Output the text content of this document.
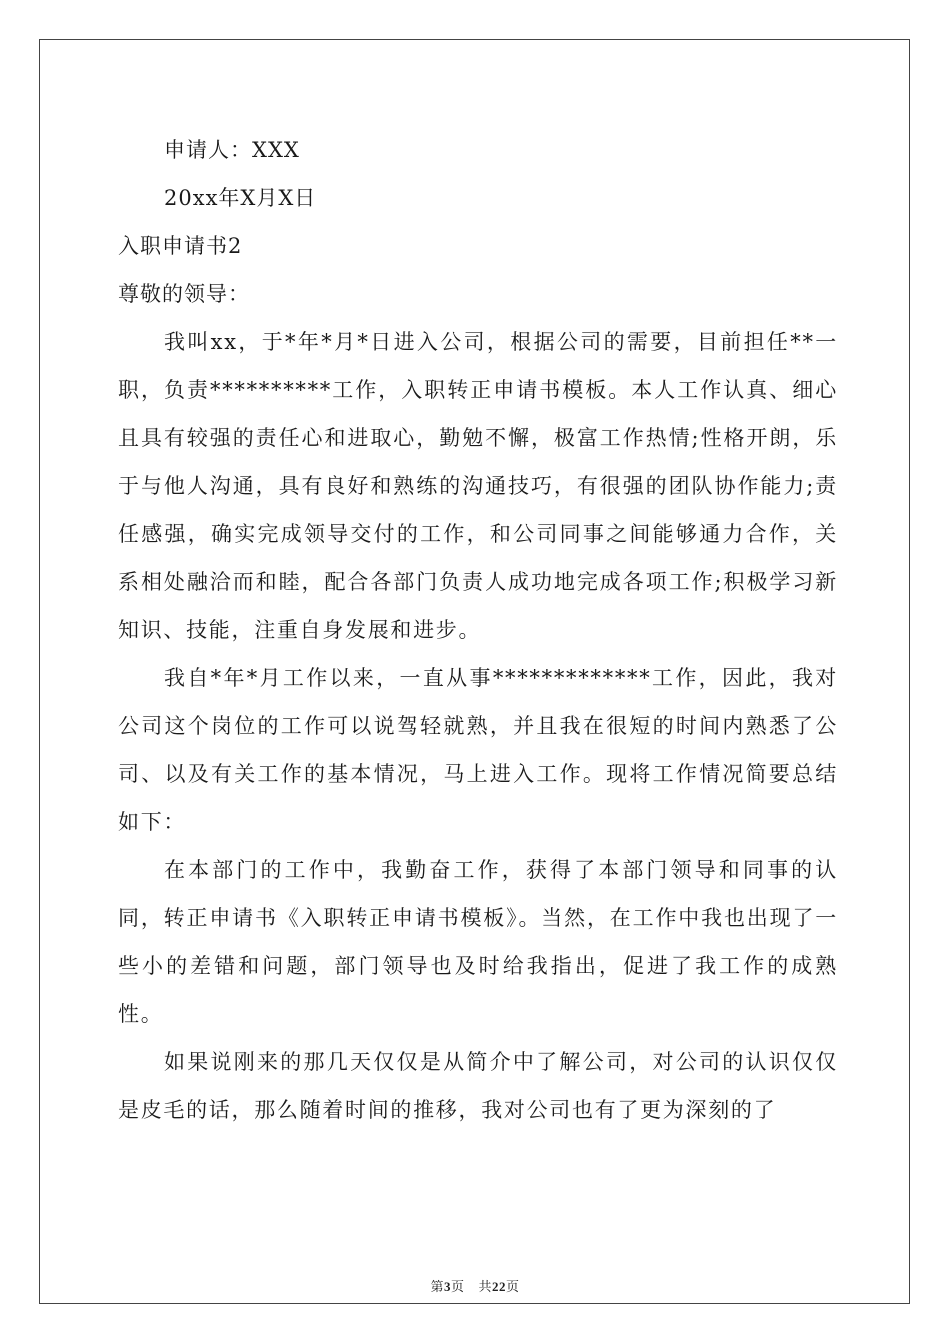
申请人：XXX
20xx年X月X日
入职申请书2
尊敬的领导：

我叫xx，于*年*月*日进入公司，根据公司的需要，目前担任**一职，负责**********工作，入职转正申请书模板。本人工作认真、细心且具有较强的责任心和进取心，勤勉不懈，极富工作热情;性格开朗，乐于与他人沟通，具有良好和熟练的沟通技巧，有很强的团队协作能力;责任感强，确实完成领导交付的工作，和公司同事之间能够通力合作，关系相处融洽而和睦，配合各部门负责人成功地完成各项工作;积极学习新知识、技能，注重自身发展和进步。

我自*年*月工作以来，一直从事*************工作，因此，我对公司这个岗位的工作可以说驾轻就熟，并且我在很短的时间内熟悉了公司、以及有关工作的基本情况，马上进入工作。现将工作情况简要总结如下：

在本部门的工作中，我勤奋工作，获得了本部门领导和同事的认同，转正申请书《入职转正申请书模板》。当然，在工作中我也出现了一些小的差错和问题，部门领导也及时给我指出，促进了我工作的成熟性。

如果说刚来的那几天仅仅是从简介中了解公司，对公司的认识仅仅是皮毛的话，那么随着时间的推移，我对公司也有了更为深刻的了

第3页 共22页
